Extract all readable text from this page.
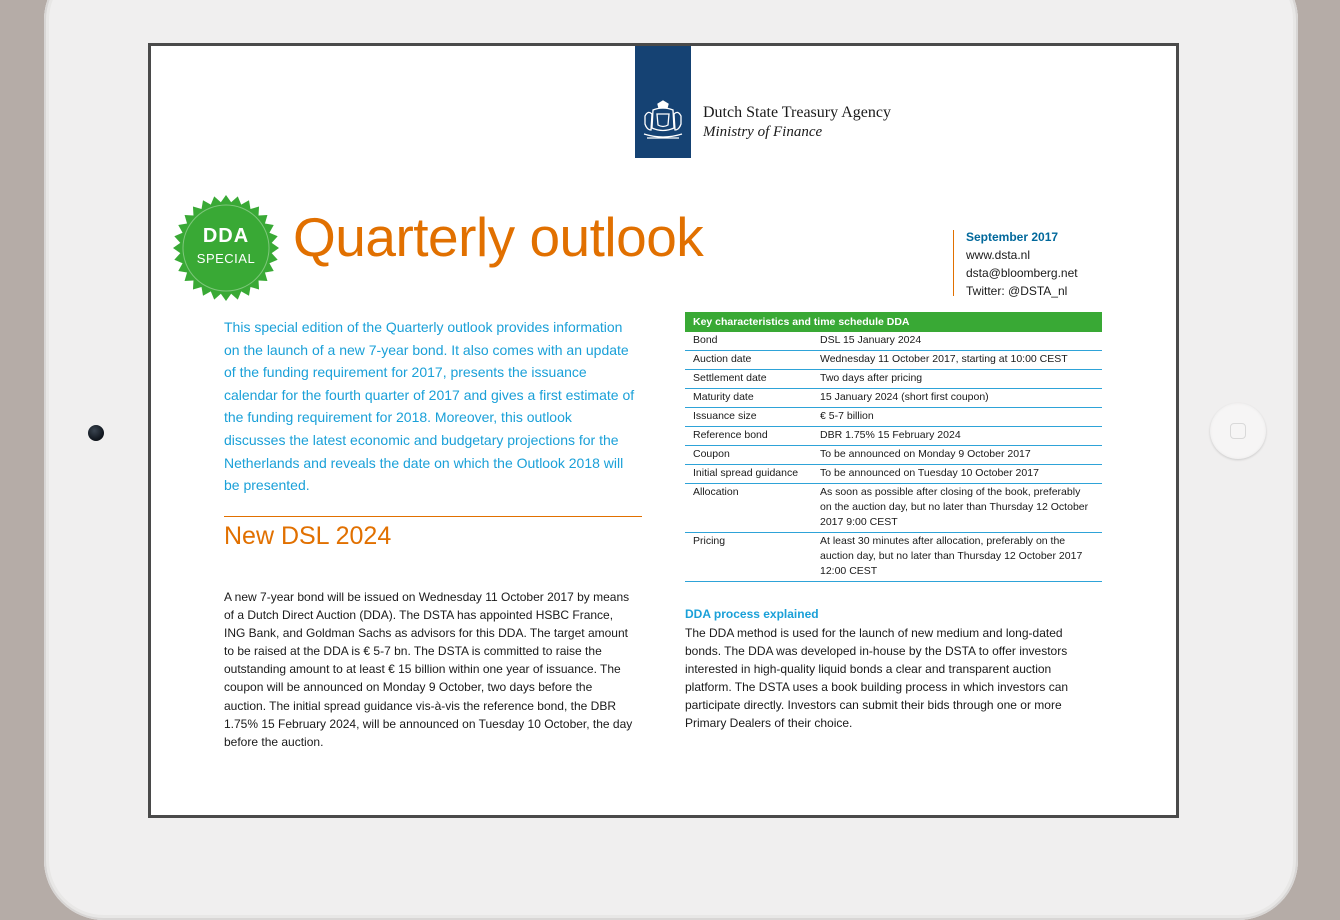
Dutch State Treasury Agency
Ministry of Finance
DDA
SPECIAL Quarterly outlook	September 2017
www.dsta.nl
dsta@bloomberg.net
Twitter: @DSTA_nl
This special edition of the Quarterly outlook provides information on the launch of a new 7-year bond. It also comes with an update of the funding requirement for 2017, presents the issuance calendar for the fourth quarter of 2017 and gives a first estimate of the funding requirement for 2018. Moreover, this outlook discusses the latest economic and budgetary projections for the Netherlands and reveals the date on which the Outlook 2018 will be presented.
New DSL 2024
A new 7-year bond will be issued on Wednesday 11 October 2017 by means of a Dutch Direct Auction (DDA). The DSTA has appointed HSBC France, ING Bank, and Goldman Sachs as advisors for this DDA. The target amount to be raised at the DDA is € 5-7 bn. The DSTA is committed to raise the outstanding amount to at least € 15 billion within one year of issuance. The coupon will be announced on Monday 9 October, two days before the auction. The initial spread guidance vis-à-vis the reference bond, the DBR 1.75% 15 February 2024, will be announced on Tuesday 10 October, the day before the auction.
Key characteristics and time schedule DDA	
Bond	DSL 15 January 2024
Auction date	Wednesday 11 October 2017, starting at 10:00 CEST
Settlement date	Two days after pricing
Maturity date	15 January 2024 (short first coupon)
Issuance size	€ 5-7 billion
Reference bond	DBR 1.75% 15 February 2024
Coupon	To be announced on Monday 9 October 2017
Initial spread guidance	To be announced on Tuesday 10 October 2017
Allocation	As soon as possible after closing of the book, preferably on the auction day, but no later than Thursday 12 October 2017 9:00 CEST
Pricing	At least 30 minutes after allocation, preferably on the auction day, but no later than Thursday 12 October 2017 12:00 CEST
DDA process explained
The DDA method is used for the launch of new medium and long-dated bonds. The DDA was developed in-house by the DSTA to offer investors interested in high-quality liquid bonds a clear and transparent auction platform. The DSTA uses a book building process in which investors can participate directly. Investors can submit their bids through one or more Primary Dealers of their choice.
